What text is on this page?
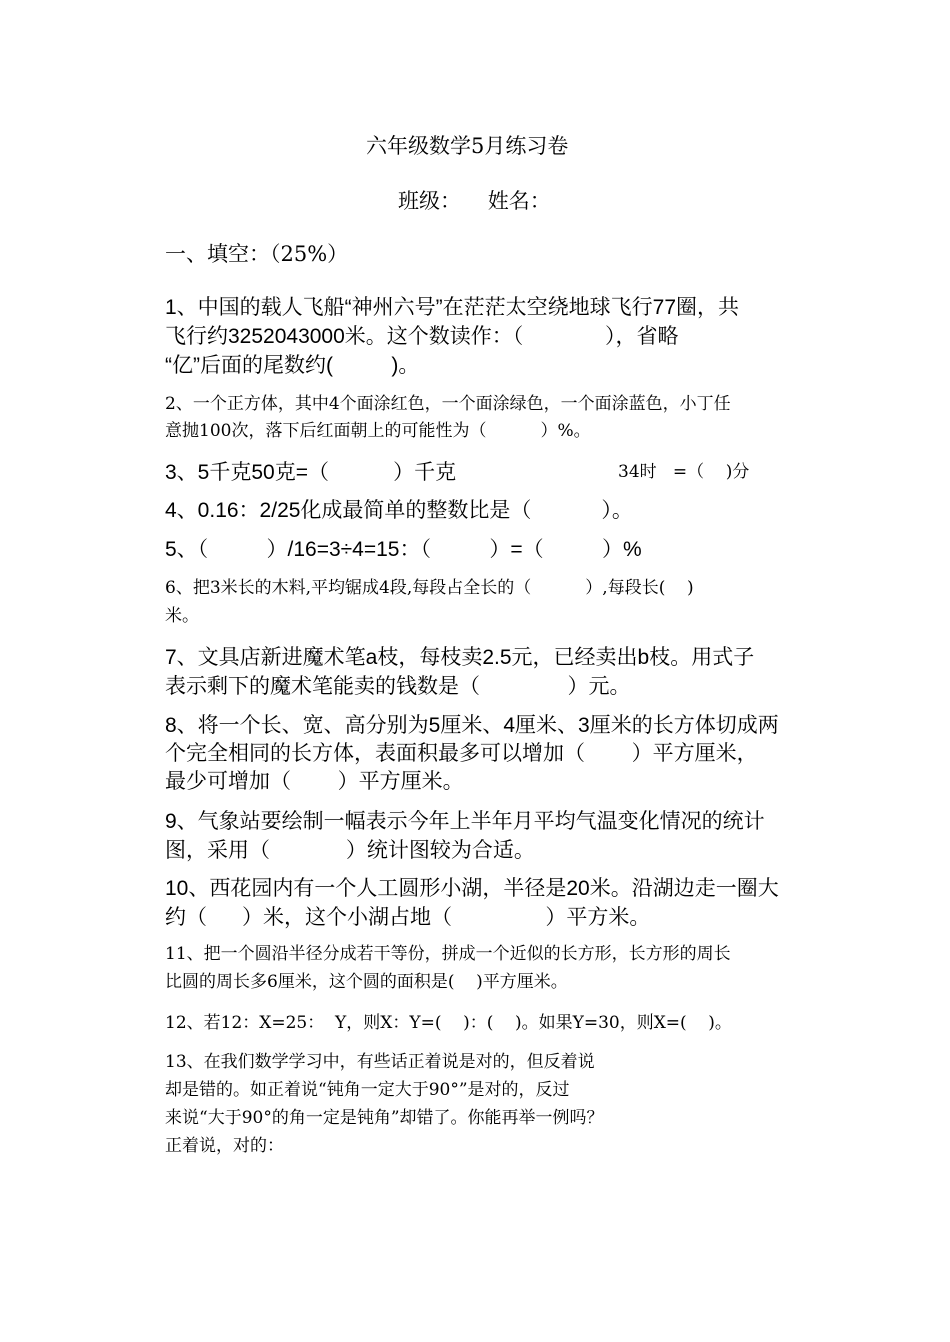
六年级数学5月练习卷
班级：    姓名：
一、填空：（25%）
1、中国的载人飞船“神州六号”在茫茫太空绕地球飞行77圈，共
飞行约3252043000米。这个数读作：（              ），省略
“亿”后面的尾数约(          )。
2、一个正方体，其中4个面涂红色，一个面涂绿色，一个面涂蓝色，小丁任
意抛100次，落下后红面朝上的可能性为（          ）%。
3、5千克50克=（           ）千克	34时   =（    )分
4、0.16：2/25化成最简单的整数比是（            ）。
5、（          ）/16=3÷4=15：（          ）=（          ）%
6、把3米长的木料,平均锯成4段,每段占全长的（          ）,每段长(    )
米。
7、文具店新进魔术笔a枝，每枝卖2.5元，已经卖出b枝。用式子
表示剩下的魔术笔能卖的钱数是（               ）元。
8、将一个长、宽、高分别为5厘米、4厘米、3厘米的长方体切成两
个完全相同的长方体，表面积最多可以增加（        ）平方厘米，
最少可增加（        ）平方厘米。
9、气象站要绘制一幅表示今年上半年月平均气温变化情况的统计
图，采用（             ）统计图较为合适。
10、西花园内有一个人工圆形小湖，半径是20米。沿湖边走一圈大
约（      ）米，这个小湖占地（                ）平方米。
11、把一个圆沿半径分成若干等份，拼成一个近似的长方形，长方形的周长
比圆的周长多6厘米，这个圆的面积是(    )平方厘米。
12、若12：X=25：  Y，则X：Y=(    )：(    )。如果Y=30，则X=(    )。
13、在我们数学学习中，有些话正着说是对的，但反着说
却是错的。如正着说“钝角一定大于90°”是对的，反过
来说“大于90°的角一定是钝角”却错了。你能再举一例吗？
正着说，对的：
